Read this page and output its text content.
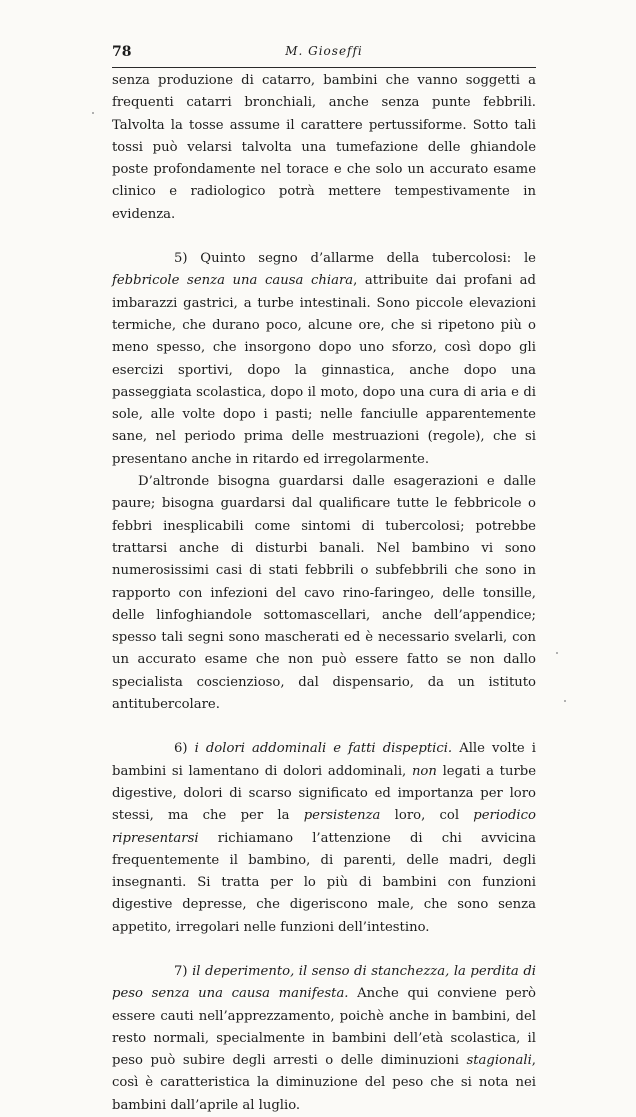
78	M. Gioseffi

senza produzione di catarro, bambini che vanno soggetti a frequenti catarri bronchiali, anche senza punte febbrili. Talvolta la tosse assume il carattere pertussiforme. Sotto tali tossi può velarsi talvolta una tumefazione delle ghiandole poste profondamente nel torace e che solo un accurato esame clinico e radiologico potrà mettere tempestivamente in evidenza.

5) Quinto segno d’allarme della tubercolosi: le febbricole senza una causa chiara, attribuite dai profani ad imbarazzi gastrici, a turbe intestinali. Sono piccole elevazioni termiche, che durano poco, alcune ore, che si ripetono più o meno spesso, che insorgono dopo uno sforzo, così dopo gli esercizi sportivi, dopo la ginnastica, anche dopo una passeggiata scolastica, dopo il moto, dopo una cura di aria e di sole, alle volte dopo i pasti; nelle fanciulle apparentemente sane, nel periodo prima delle mestruazioni (regole), che si presentano anche in ritardo ed irregolarmente.

D’altronde bisogna guardarsi dalle esagerazioni e dalle paure; bisogna guardarsi dal qualificare tutte le febbricole o febbri inesplicabili come sintomi di tubercolosi; potrebbe trattarsi anche di disturbi banali. Nel bambino vi sono numerosissimi casi di stati febbrili o subfebbrili che sono in rapporto con infezioni del cavo rino-faringeo, delle tonsille, delle linfoghiandole sottomascellari, anche dell’appendice; spesso tali segni sono mascherati ed è necessario svelarli, con un accurato esame che non può essere fatto se non dallo specialista coscienzioso, dal dispensario, da un istituto antitubercolare.

6) i dolori addominali e fatti dispeptici. Alle volte i bambini si lamentano di dolori addominali, non legati a turbe digestive, dolori di scarso significato ed importanza per loro stessi, ma che per la persistenza loro, col periodico ripresentarsi richiamano l’attenzione di chi avvicina frequentemente il bambino, di parenti, delle madri, degli insegnanti. Si tratta per lo più di bambini con funzioni digestive depresse, che digeriscono male, che sono senza appetito, irregolari nelle funzioni dell’intestino.

7) il deperimento, il senso di stanchezza, la perdita di peso senza una causa manifesta. Anche qui conviene però essere cauti nell’apprezzamento, poichè anche in bambini, del resto normali, specialmente in bambini dell’età scolastica, il peso può subire degli arresti o delle diminuzioni stagionali, così è caratteristica la diminuzione del peso che si nota nei bambini dall’aprile al luglio.
